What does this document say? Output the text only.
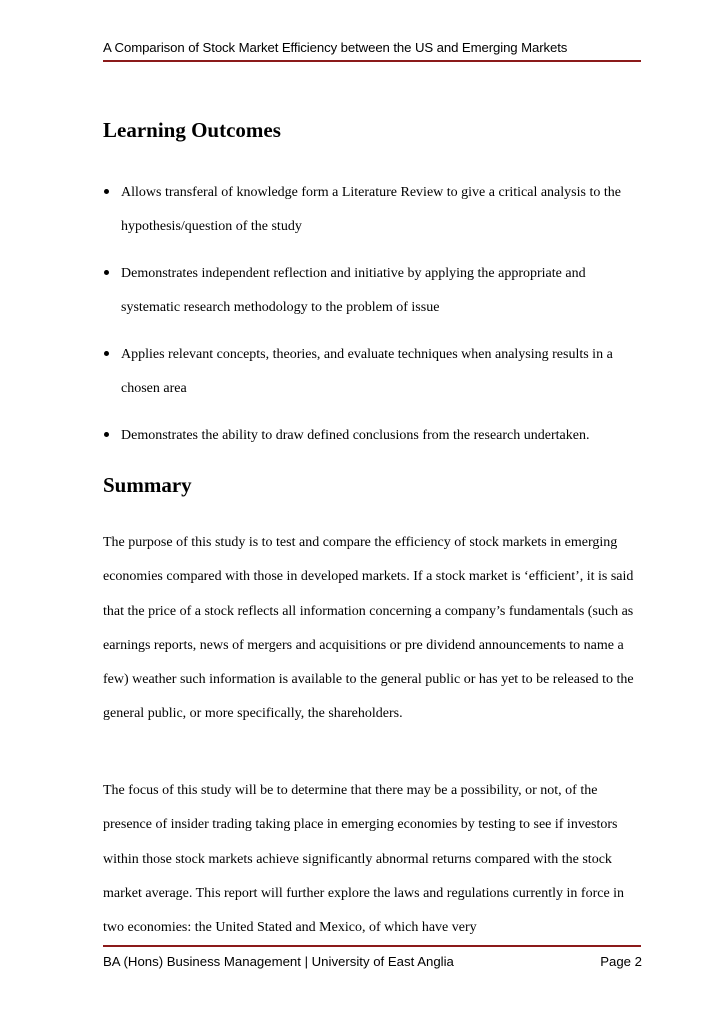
A Comparison of Stock Market Efficiency between the US and Emerging Markets
Learning Outcomes
Allows transferal of knowledge form a Literature Review to give a critical analysis to the hypothesis/question of the study
Demonstrates independent reflection and initiative by applying the appropriate and systematic research methodology to the problem of issue
Applies relevant concepts, theories, and evaluate techniques when analysing results in a chosen area
Demonstrates the ability to draw defined conclusions from the research undertaken.
Summary

The purpose of this study is to test and compare the efficiency of stock markets in emerging economies compared with those in developed markets. If a stock market is ‘efficient’, it is said that the price of a stock reflects all information concerning a company’s fundamentals (such as earnings reports, news of mergers and acquisitions or pre dividend announcements to name a few) weather such information is available to the general public or has yet to be released to the general public, or more specifically, the shareholders.

The focus of this study will be to determine that there may be a possibility, or not, of the presence of insider trading taking place in emerging economies by testing to see if investors within those stock markets achieve significantly abnormal returns compared with the stock market average. This report will further explore the laws and regulations currently in force in two economies: the United Stated and Mexico, of which have very

BA (Hons) Business Management | University of East Anglia	Page 2
